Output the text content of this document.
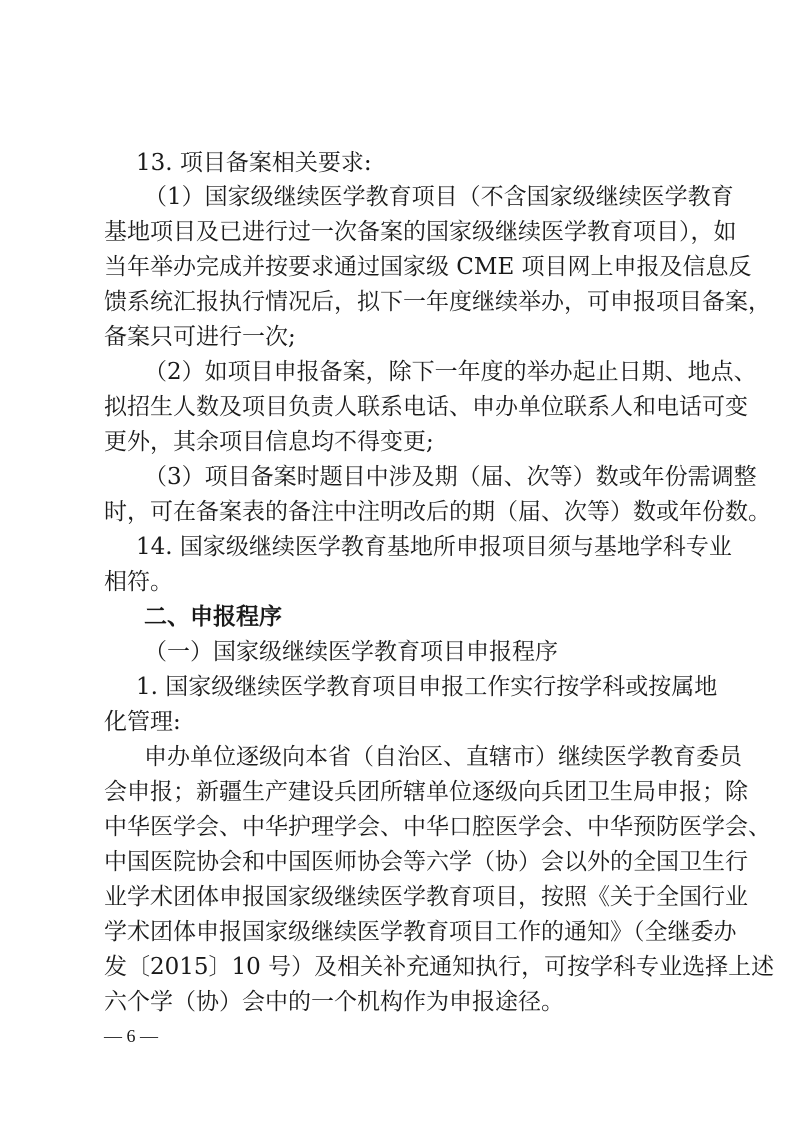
13. 项目备案相关要求:
（1）国家级继续医学教育项目（不含国家级继续医学教育
基地项目及已进行过一次备案的国家级继续医学教育项目），如
当年举办完成并按要求通过国家级 CME 项目网上申报及信息反
馈系统汇报执行情况后，拟下一年度继续举办，可申报项目备案，
备案只可进行一次;
（2）如项目申报备案，除下一年度的举办起止日期、地点、
拟招生人数及项目负责人联系电话、申办单位联系人和电话可变
更外，其余项目信息均不得变更;
（3）项目备案时题目中涉及期（届、次等）数或年份需调整
时，可在备案表的备注中注明改后的期（届、次等）数或年份数。
14. 国家级继续医学教育基地所申报项目须与基地学科专业
相符。
二、申报程序
（一）国家级继续医学教育项目申报程序
1. 国家级继续医学教育项目申报工作实行按学科或按属地
化管理:
申办单位逐级向本省（自治区、直辖市）继续医学教育委员
会申报；新疆生产建设兵团所辖单位逐级向兵团卫生局申报；除
中华医学会、中华护理学会、中华口腔医学会、中华预防医学会、
中国医院协会和中国医师协会等六学（协）会以外的全国卫生行
业学术团体申报国家级继续医学教育项目，按照《关于全国行业
学术团体申报国家级继续医学教育项目工作的通知》（全继委办
发〔2015〕10 号）及相关补充通知执行，可按学科专业选择上述
六个学（协）会中的一个机构作为申报途径。
— 6 —
